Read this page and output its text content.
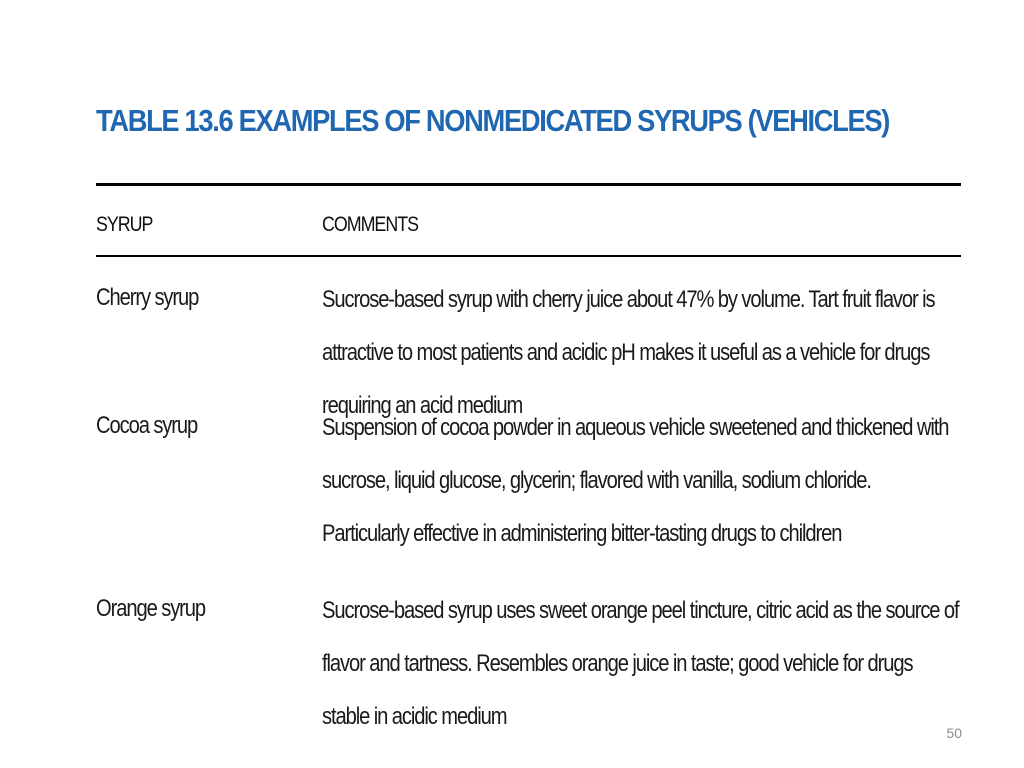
TABLE 13.6 EXAMPLES OF NONMEDICATED SYRUPS (VEHICLES)
SYRUP	COMMENTS
Cherry syrup	Sucrose-based syrup with cherry juice about 47% by volume. Tart fruit flavor is attractive to most patients and acidic pH makes it useful as a vehicle for drugs requiring an acid medium
Cocoa syrup	Suspension of cocoa powder in aqueous vehicle sweetened and thickened with sucrose, liquid glucose, glycerin; flavored with vanilla, sodium chloride. Particularly effective in administering bitter-tasting drugs to children
Orange syrup	Sucrose-based syrup uses sweet orange peel tincture, citric acid as the source of flavor and tartness. Resembles orange juice in taste; good vehicle for drugs stable in acidic medium
50
